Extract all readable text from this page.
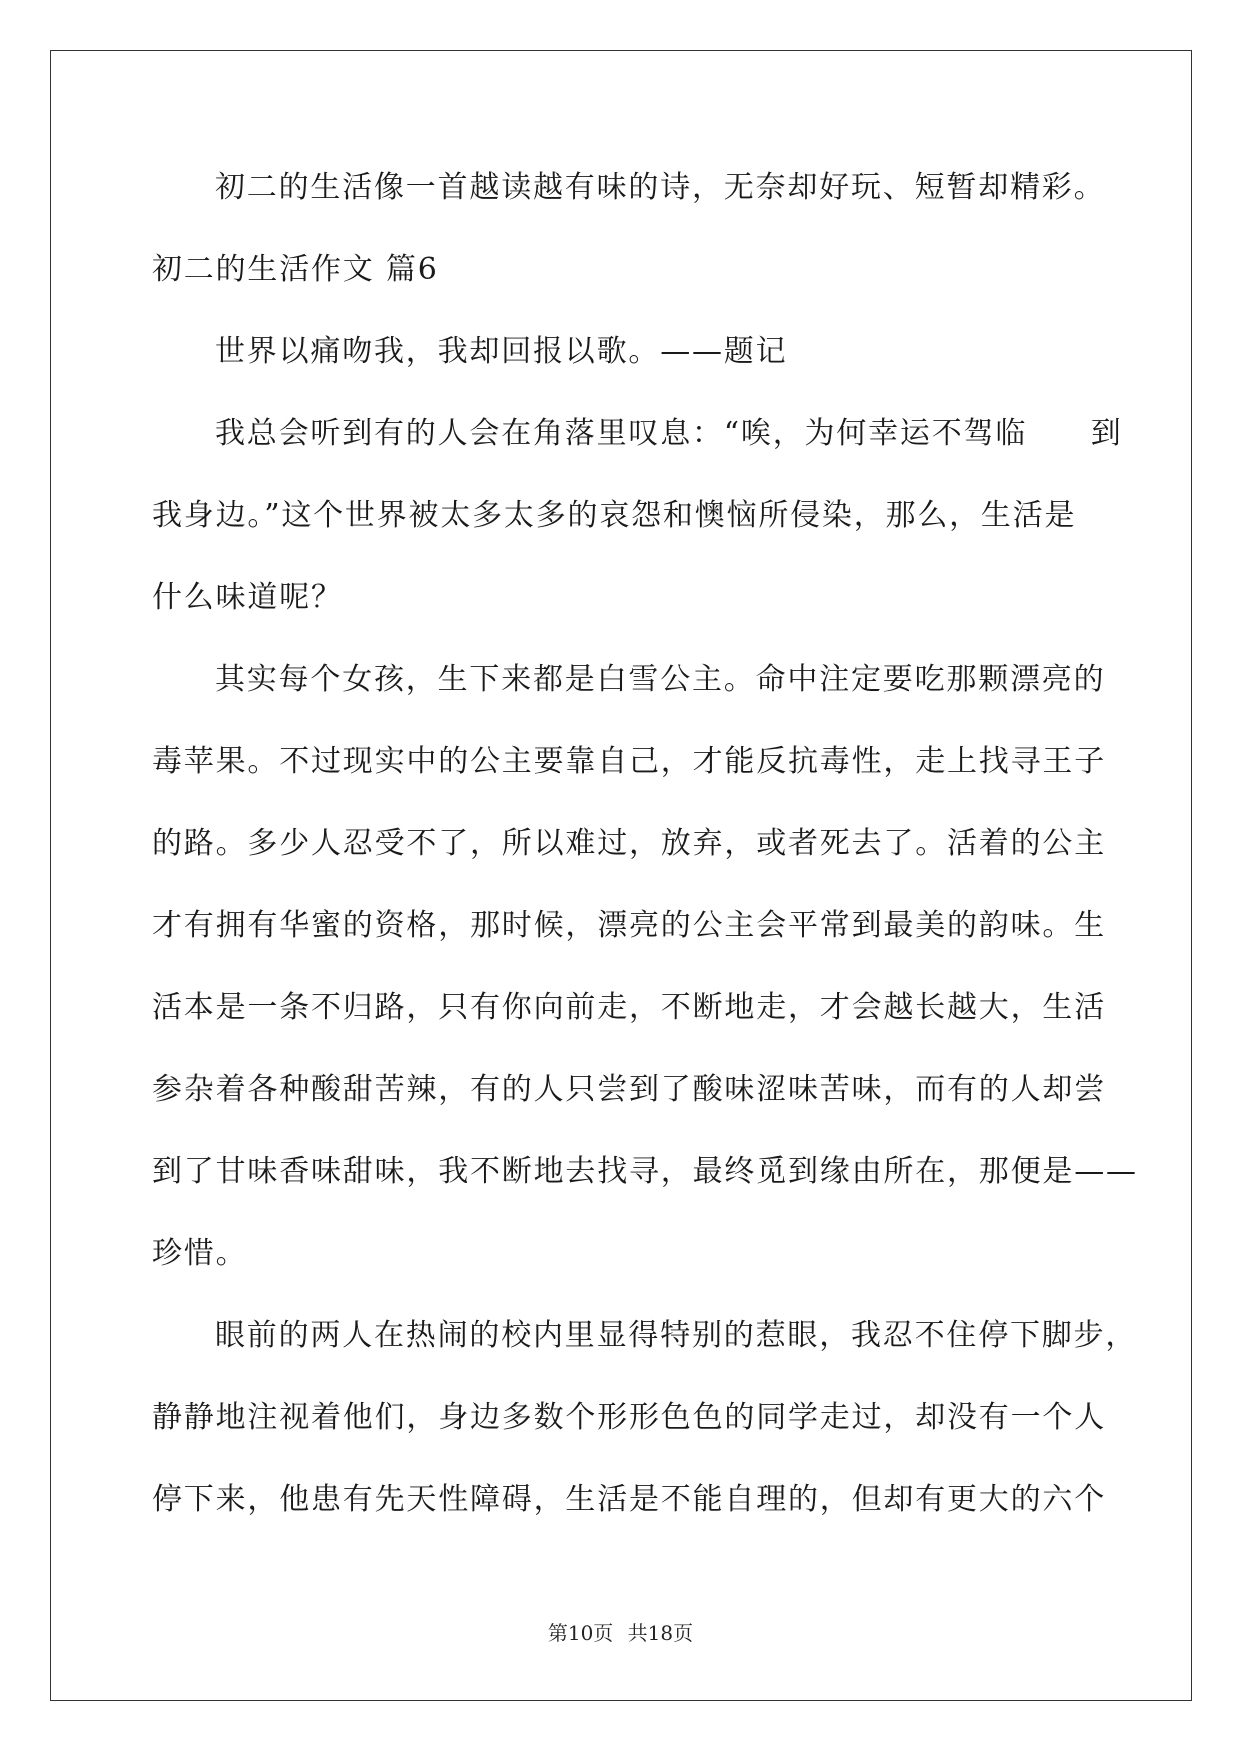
初二的生活像一首越读越有味的诗，无奈却好玩、短暂却精彩。
初二的生活作文 篇6
世界以痛吻我，我却回报以歌。——题记
我总会听到有的人会在角落里叹息：“唉，为何幸运不驾临　　到
我身边。”这个世界被太多太多的哀怨和懊恼所侵染，那么，生活是
什么味道呢？
其实每个女孩，生下来都是白雪公主。命中注定要吃那颗漂亮的
毒苹果。不过现实中的公主要靠自己，才能反抗毒性，走上找寻王子
的路。多少人忍受不了，所以难过，放弃，或者死去了。活着的公主
才有拥有华蜜的资格，那时候，漂亮的公主会平常到最美的韵味。生
活本是一条不归路，只有你向前走，不断地走，才会越长越大，生活
参杂着各种酸甜苦辣，有的人只尝到了酸味涩味苦味，而有的人却尝
到了甘味香味甜味，我不断地去找寻，最终觅到缘由所在，那便是——
珍惜。
眼前的两人在热闹的校内里显得特别的惹眼，我忍不住停下脚步，
静静地注视着他们，身边多数个形形色色的同学走过，却没有一个人
停下来，他患有先天性障碍，生活是不能自理的，但却有更大的六个
第10页 共18页
